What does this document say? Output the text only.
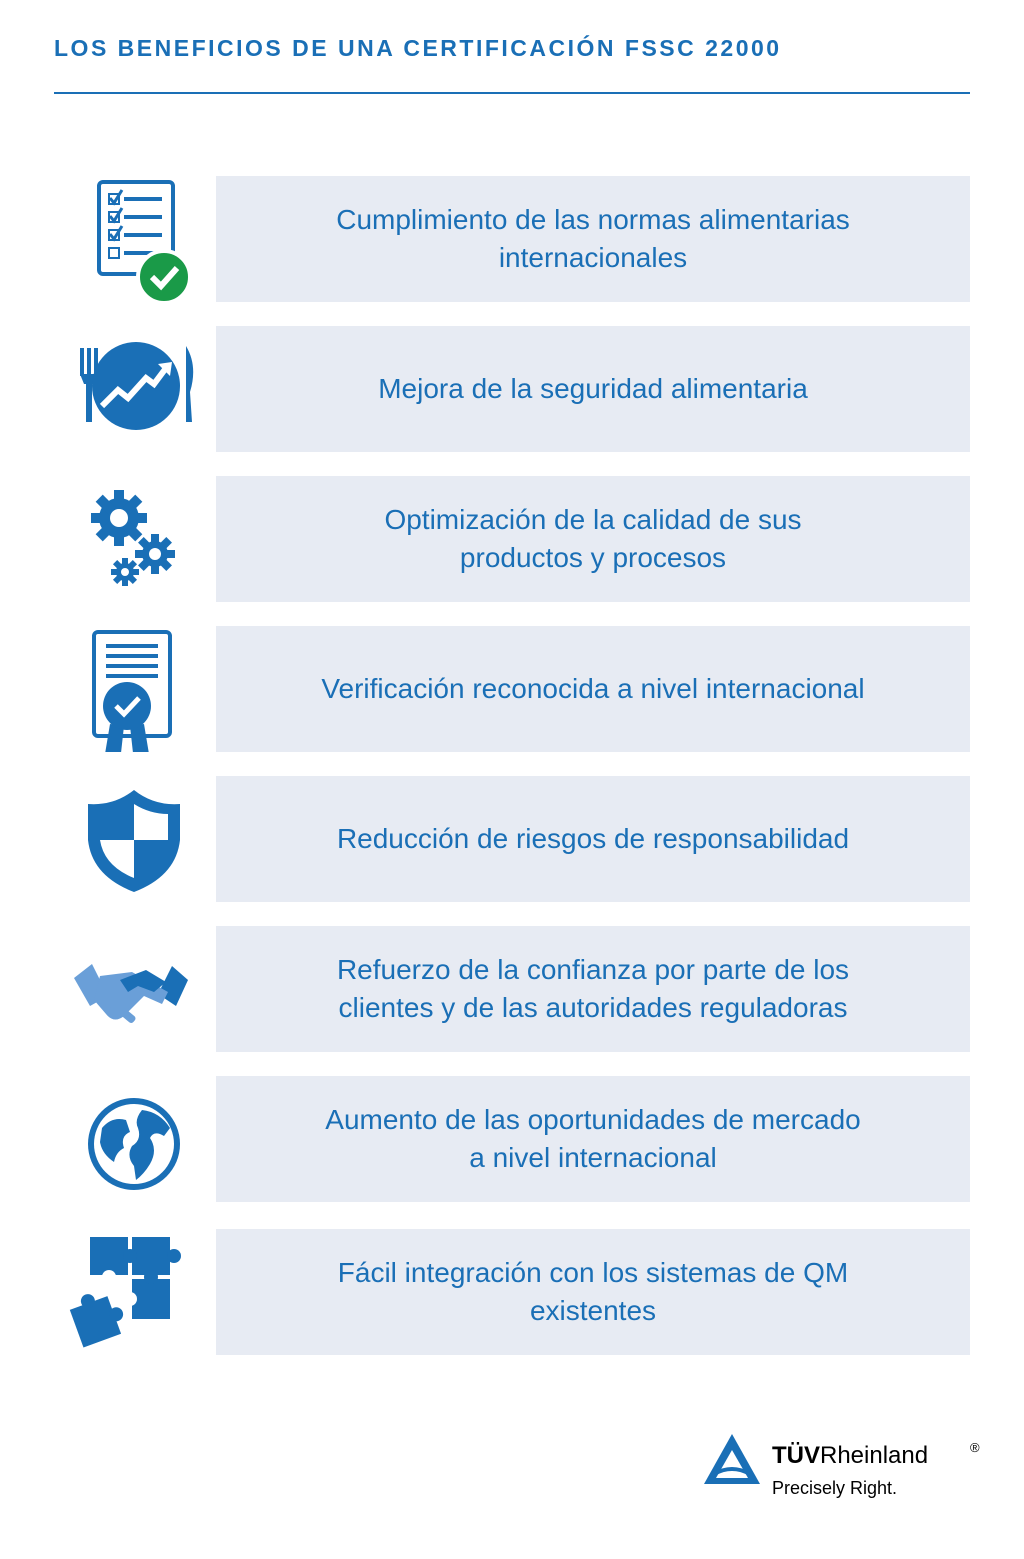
LOS BENEFICIOS DE UNA CERTIFICACIÓN FSSC 22000
Cumplimiento de las normas alimentarias
internacionales
Mejora de la seguridad alimentaria
Optimización de la calidad de sus
productos y procesos
Verificación reconocida a nivel internacional
Reducción de riesgos de responsabilidad
Refuerzo de la confianza por parte de los
clientes y de las autoridades reguladoras
Aumento de las oportunidades de mercado
a nivel internacional
Fácil integración con los sistemas de QM
existentes
TÜVRheinland	®
Precisely Right.
